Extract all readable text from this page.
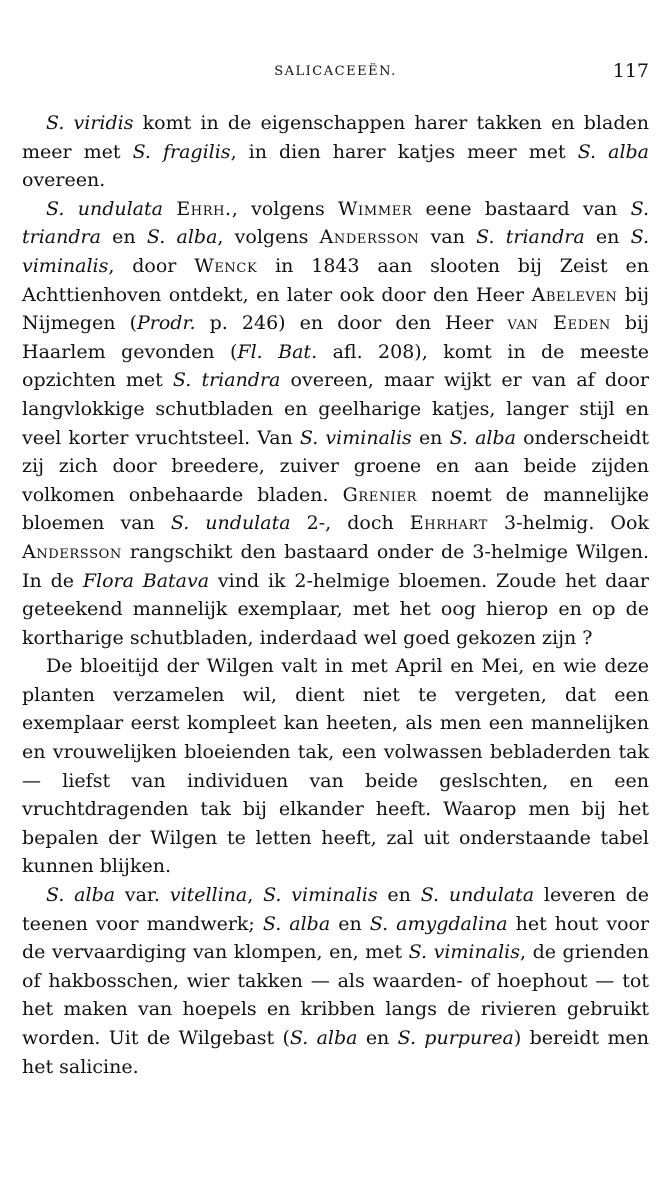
SALICACEEËN.	117

S. viridis komt in de eigenschappen harer takken en bladen meer met S. fragilis, in dien harer katjes meer met S. alba overeen.

S. undulata Ehrh., volgens Wimmer eene bastaard van S. triandra en S. alba, volgens Andersson van S. triandra en S. viminalis, door Wenck in 1843 aan slooten bij Zeist en Achttienhoven ontdekt, en later ook door den Heer Abeleven bij Nijmegen (Prodr. p. 246) en door den Heer van Eeden bij Haarlem gevonden (Fl. Bat. afl. 208), komt in de meeste opzichten met S. triandra overeen, maar wijkt er van af door langvlokkige schutbladen en geelharige katjes, langer stijl en veel korter vruchtsteel. Van S. viminalis en S. alba onderscheidt zij zich door breedere, zuiver groene en aan beide zijden volkomen onbehaarde bladen. Grenier noemt de mannelijke bloemen van S. undulata 2-, doch Ehrhart 3-helmig. Ook Andersson rangschikt den bastaard onder de 3-helmige Wilgen. In de Flora Batava vind ik 2-helmige bloemen. Zoude het daar geteekend mannelijk exemplaar, met het oog hierop en op de kortharige schutbladen, inderdaad wel goed gekozen zijn ?

De bloeitijd der Wilgen valt in met April en Mei, en wie deze planten verzamelen wil, dient niet te vergeten, dat een exemplaar eerst kompleet kan heeten, als men een mannelijken en vrouwelijken bloeienden tak, een volwassen bebladerden tak — liefst van individuen van beide geslschten, en een vruchtdragenden tak bij elkander heeft. Waarop men bij het bepalen der Wilgen te letten heeft, zal uit onderstaande tabel kunnen blijken.

S. alba var. vitellina, S. viminalis en S. undulata leveren de teenen voor mandwerk; S. alba en S. amygdalina het hout voor de vervaardiging van klompen, en, met S. viminalis, de grienden of hakbosschen, wier takken — als waarden- of hoephout — tot het maken van hoepels en kribben langs de rivieren gebruikt worden. Uit de Wilgebast (S. alba en S. purpurea) bereidt men het salicine.
